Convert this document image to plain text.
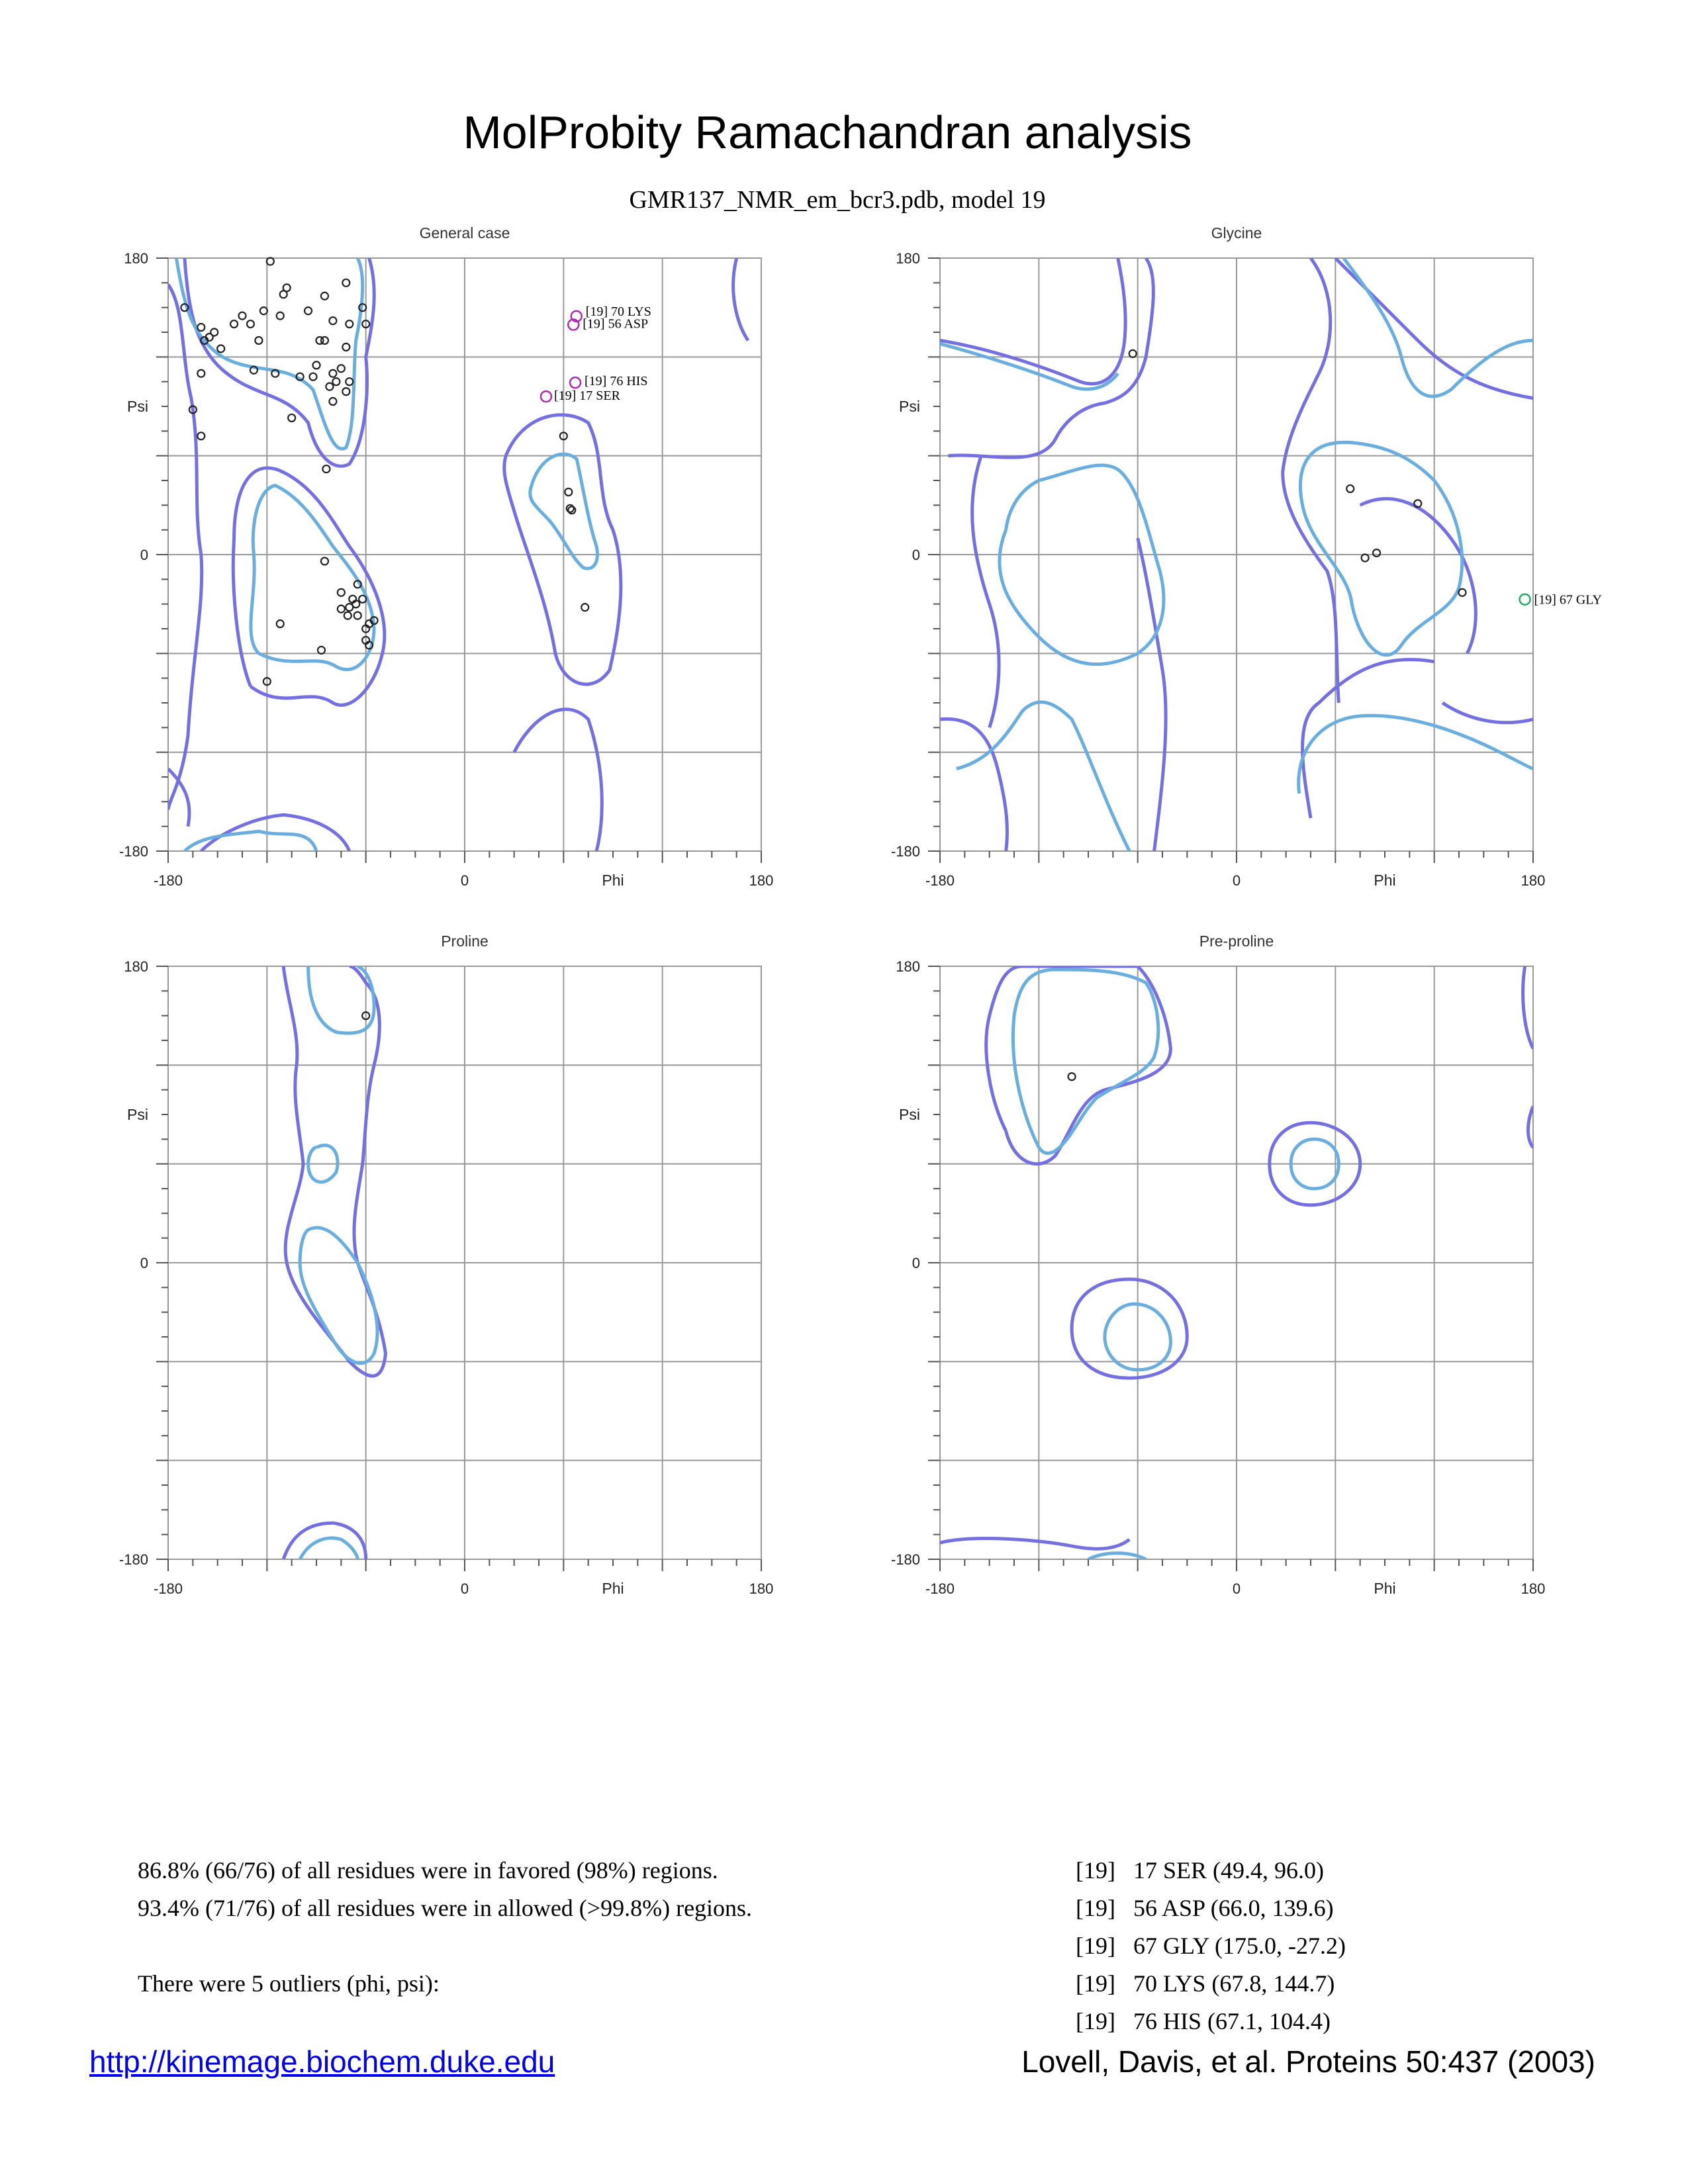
MolProbity Ramachandran analysis
GMR137_NMR_em_bcr3.pdb, model 19
General case
-180	0	180
180
0
-180
Phi
Psi
[19] 70 LYS
[19] 56 ASP
[19] 76 HIS
[19] 17 SER
Glycine
-180	0	180
180
0
-180
Phi
Psi
[19] 67 GLY
Proline
-180	0	180
180
0
-180
Phi
Psi
Pre-proline
-180	0	180
180
0
-180
Phi
Psi
86.8% (66/76) of all residues were in favored (98%) regions.
93.4% (71/76) of all residues were in allowed (>99.8%) regions.
There were 5 outliers (phi, psi):
[19]   17 SER (49.4, 96.0)
[19]   56 ASP (66.0, 139.6)
[19]   67 GLY (175.0, -27.2)
[19]   70 LYS (67.8, 144.7)
[19]   76 HIS (67.1, 104.4)
http://kinemage.biochem.duke.edu	Lovell, Davis, et al. Proteins 50:437 (2003)
